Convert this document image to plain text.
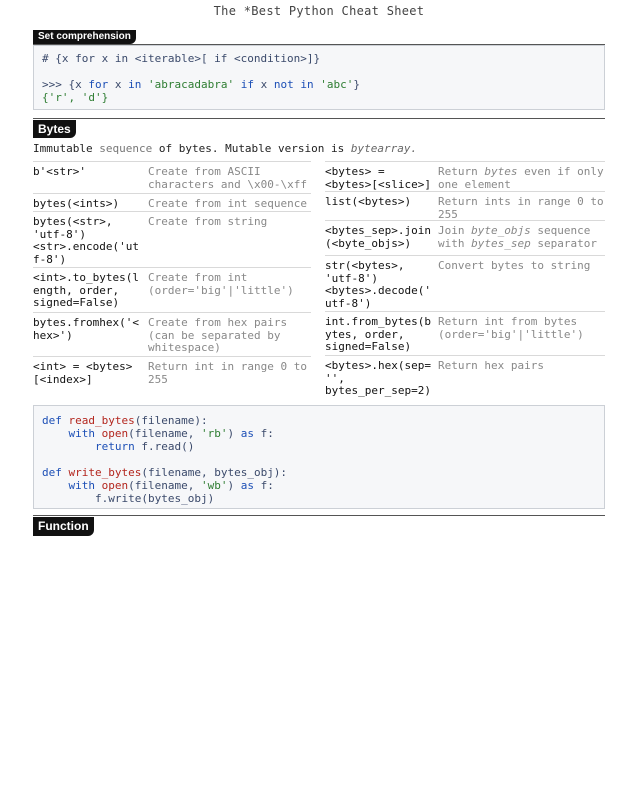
The *Best Python Cheat Sheet
Set comprehension
# {x for x in <iterable>[ if <condition>]}

>>> {x for x in 'abracadabra' if x not in 'abc'}
{'r', 'd'}
Bytes
Immutable sequence of bytes. Mutable version is bytearray.
b'<str>'	Create from ASCII
characters and \x00-\xff
bytes(<ints>)	Create from int sequence
bytes(<str>,
'utf-8')
<str>.encode('ut
f-8')
Create from string
<int>.to_bytes(l
ength, order,
signed=False)
Create from int
(order='big'|'little')
bytes.fromhex('<
hex>')
Create from hex pairs
(can be separated by
whitespace)
<int> = <bytes>
[<index>]
Return int in range 0 to
255
<bytes> =
<bytes>[<slice>]
Return bytes even if only
one element
list(<bytes>) Return ints in range 0 to
255
<bytes_sep>.join
(<byte_objs>)
Join byte_objs sequence
with bytes_sep separator
str(<bytes>,
'utf-8')
<bytes>.decode('
utf-8')
Convert bytes to string
int.from_bytes(b
ytes, order,
signed=False)
Return int from bytes
(order='big'|'little')
<bytes>.hex(sep=
'',
bytes_per_sep=2)
Return hex pairs
def read_bytes(filename):
with open(filename, 'rb') as f:
return f.read()

def write_bytes(filename, bytes_obj):
with open(filename, 'wb') as f:
f.write(bytes_obj)
Function
